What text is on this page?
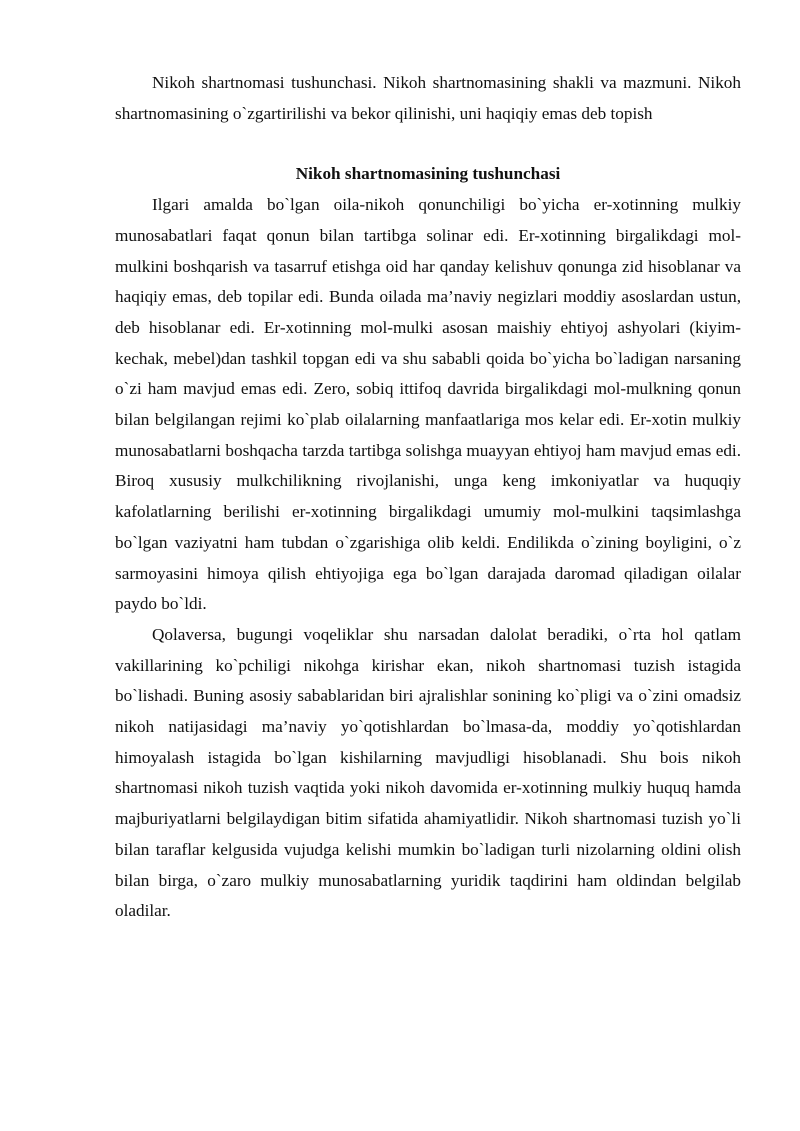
Nikoh shartnomasi tushunchasi. Nikoh shartnomasining shakli va mazmuni. Nikoh shartnomasining o`zgartirilishi va bekor qilinishi, uni haqiqiy emas deb topish

Nikoh shartnomasining tushunchasi

Ilgari amalda bo`lgan oila-nikoh qonunchiligi bo`yicha er-xotinning mulkiy munosabatlari faqat qonun bilan tartibga solinar edi. Er-xotinning birgalikdagi mol-mulkini boshqarish va tasarruf etishga oid har qanday kelishuv qonunga zid hisoblanar va haqiqiy emas, deb topilar edi. Bunda oilada ma’naviy negizlari moddiy asoslardan ustun, deb hisoblanar edi. Er-xotinning mol-mulki asosan maishiy ehtiyoj ashyolari (kiyim-kechak, mebel)dan tashkil topgan edi va shu sababli qoida bo`yicha bo`ladigan narsaning o`zi ham mavjud emas edi. Zero, sobiq ittifoq davrida birgalikdagi mol-mulkning qonun bilan belgilangan rejimi ko`plab oilalarning manfaatlariga mos kelar edi. Er-xotin mulkiy munosabatlarni boshqacha tarzda tartibga solishga muayyan ehtiyoj ham mavjud emas edi. Biroq xususiy mulkchilikning rivojlanishi, unga keng imkoniyatlar va huquqiy kafolatlarning berilishi er-xotinning birgalikdagi umumiy mol-mulkini taqsimlashga bo`lgan vaziyatni ham tubdan o`zgarishiga olib keldi. Endilikda o`zining boyligini, o`z sarmoyasini himoya qilish ehtiyojiga ega bo`lgan darajada daromad qiladigan oilalar paydo bo`ldi.

Qolaversa, bugungi voqeliklar shu narsadan dalolat beradiki, o`rta hol qatlam vakillarining ko`pchiligi nikohga kirishar ekan, nikoh shartnomasi tuzish istagida bo`lishadi. Buning asosiy sabablaridan biri ajralishlar sonining ko`pligi va o`zini omadsiz nikoh natijasidagi ma’naviy yo`qotishlardan bo`lmasa-da, moddiy yo`qotishlardan himoyalash istagida bo`lgan kishilarning mavjudligi hisoblanadi. Shu bois nikoh shartnomasi nikoh tuzish vaqtida yoki nikoh davomida er-xotinning mulkiy huquq hamda majburiyatlarni belgilaydigan bitim sifatida ahamiyatlidir. Nikoh shartnomasi tuzish yo`li bilan taraflar kelgusida vujudga kelishi mumkin bo`ladigan turli nizolarning oldini olish bilan birga, o`zaro mulkiy munosabatlarning yuridik taqdirini ham oldindan belgilab oladilar.
